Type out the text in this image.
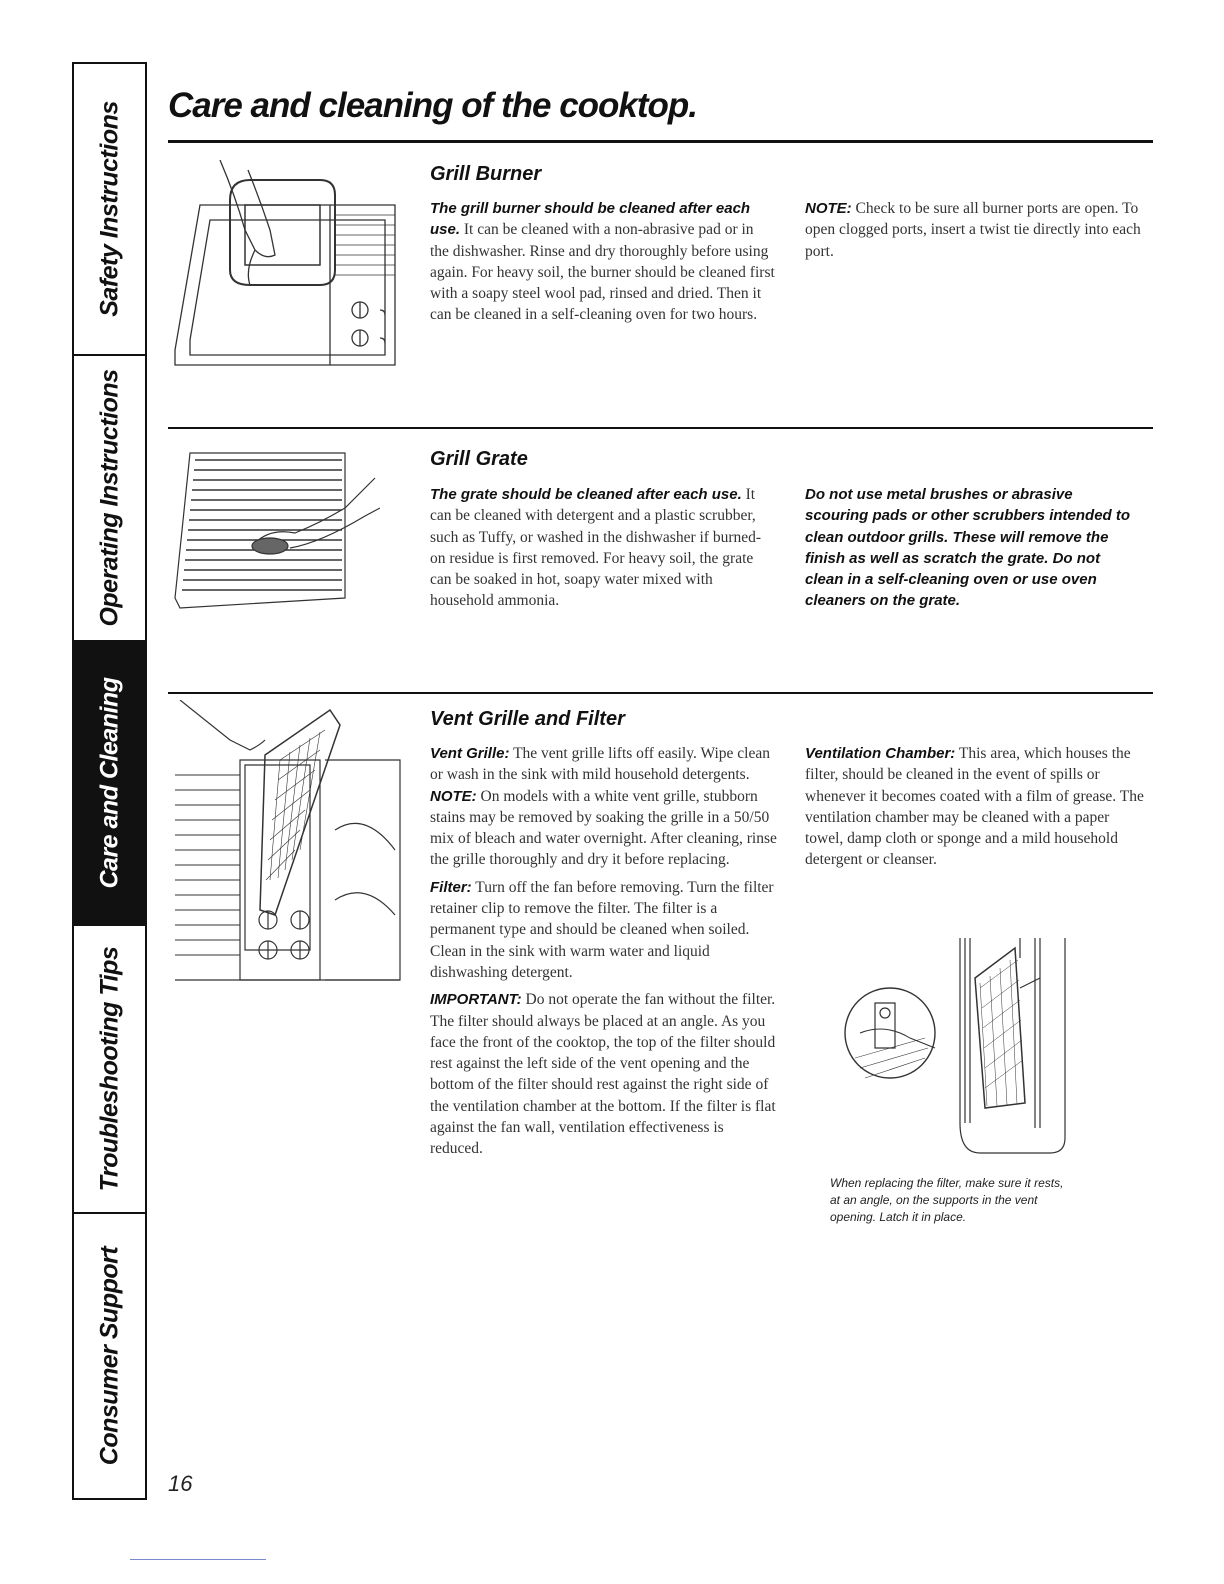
Safety Instructions
Operating Instructions
Care and Cleaning
Troubleshooting Tips
Consumer Support
Care and cleaning of the cooktop.
Grill Burner

The grill burner should be cleaned after each use. It can be cleaned with a non-abrasive pad or in the dishwasher. Rinse and dry thoroughly before using again. For heavy soil, the burner should be cleaned first with a soapy steel wool pad, rinsed and dried. Then it can be cleaned in a self-cleaning oven for two hours.

NOTE: Check to be sure all burner ports are open. To open clogged ports, insert a twist tie directly into each port.

Grill Grate

The grate should be cleaned after each use. It can be cleaned with detergent and a plastic scrubber, such as Tuffy, or washed in the dishwasher if burned-on residue is first removed. For heavy soil, the grate can be soaked in hot, soapy water mixed with household ammonia.

Do not use metal brushes or abrasive scouring pads or other scrubbers intended to clean outdoor grills. These will remove the finish as well as scratch the grate. Do not clean in a self-cleaning oven or use oven cleaners on the grate.
Vent Grille and Filter

Vent Grille: The vent grille lifts off easily. Wipe clean or wash in the sink with mild household detergents.

NOTE: On models with a white vent grille, stubborn stains may be removed by soaking the grille in a 50/50 mix of bleach and water overnight. After cleaning, rinse the grille thoroughly and dry it before replacing.

Filter: Turn off the fan before removing. Turn the filter retainer clip to remove the filter. The filter is a permanent type and should be cleaned when soiled. Clean in the sink with warm water and liquid dishwashing detergent.

IMPORTANT: Do not operate the fan without the filter. The filter should always be placed at an angle. As you face the front of the cooktop, the top of the filter should rest against the left side of the vent opening and the bottom of the filter should rest against the right side of the ventilation chamber at the bottom. If the filter is flat against the fan wall, ventilation effectiveness is reduced.

Ventilation Chamber: This area, which houses the filter, should be cleaned in the event of spills or whenever it becomes coated with a film of grease. The ventilation chamber may be cleaned with a paper towel, damp cloth or sponge and a mild household detergent or cleanser.

When replacing the filter, make sure it rests, at an angle, on the supports in the vent opening. Latch it in place.
16
